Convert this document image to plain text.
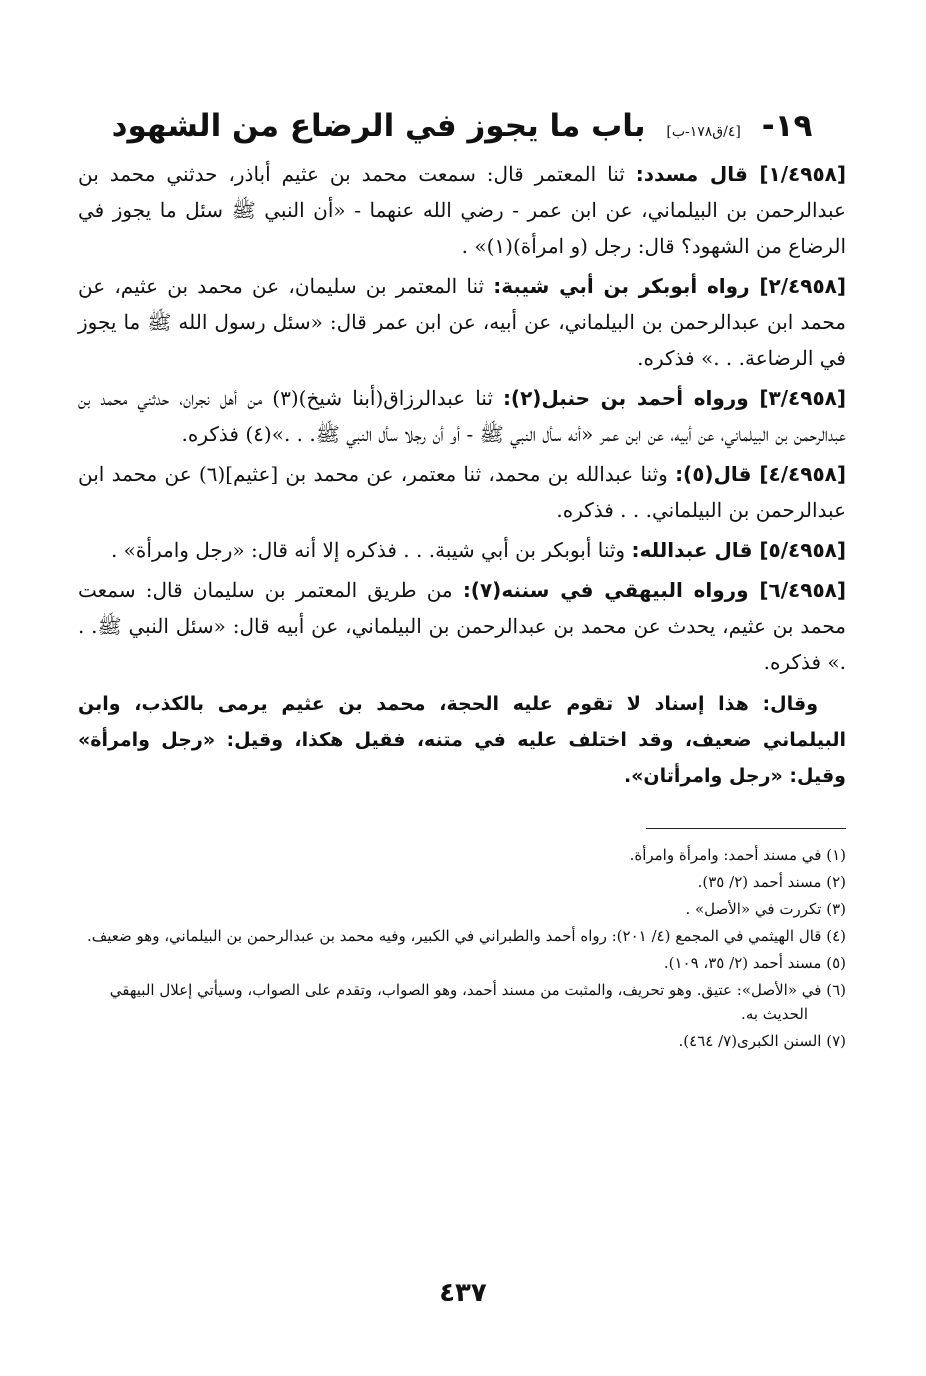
١٩- [٤/ق١٧٨-ب] باب ما يجوز في الرضاع من الشهود

[١/٤٩٥٨] قال مسدد: ثنا المعتمر قال: سمعت محمد بن عثيم أباذر، حدثني محمد بن عبدالرحمن بن البيلماني، عن ابن عمر - رضي الله عنهما - «أن النبي ﷺ سئل ما يجوز في الرضاع من الشهود؟ قال: رجل (و امرأة)(١)» .

[٢/٤٩٥٨] رواه أبوبكر بن أبي شيبة: ثنا المعتمر بن سليمان، عن محمد بن عثيم، عن محمد ابن عبدالرحمن بن البيلماني، عن أبيه، عن ابن عمر قال: «سئل رسول الله ﷺ ما يجوز في الرضاعة. . .» فذكره.

[٣/٤٩٥٨] ورواه أحمد بن حنبل(٢): ثنا عبدالرزاق(أبنا شيخ)(٣) من أهل نجران، حدثني محمد بن عبدالرحمن بن البيلماني، عن أبيه، عن ابن عمر «أنه سأل النبي ﷺ - أو أن رجلا سأل النبي ﷺ. . .»(٤) فذكره.

[٤/٤٩٥٨] قال(٥): وثنا عبدالله بن محمد، ثنا معتمر، عن محمد بن [عثيم](٦) عن محمد ابن عبدالرحمن بن البيلماني. . . فذكره.

[٥/٤٩٥٨] قال عبدالله: وثنا أبوبكر بن أبي شيبة. . . فذكره إلا أنه قال: «رجل وامرأة» .

[٦/٤٩٥٨] ورواه البيهقي في سننه(٧): من طريق المعتمر بن سليمان قال: سمعت محمد بن عثيم، يحدث عن محمد بن عبدالرحمن بن البيلماني، عن أبيه قال: «سئل النبي ﷺ. . .» فذكره.

وقال: هذا إسناد لا تقوم عليه الحجة، محمد بن عثيم يرمى بالكذب، وابن البيلماني ضعيف، وقد اختلف عليه في متنه، فقيل هكذا، وقيل: «رجل وامرأة» وقيل: «رجل وامرأتان».

(١) في مسند أحمد: وامرأة وامرأة.
(٢) مسند أحمد (٢/ ٣٥).
(٣) تكررت في «الأصل» .
(٤) قال الهيثمي في المجمع (٤/ ٢٠١): رواه أحمد والطبراني في الكبير، وفيه محمد بن عبدالرحمن بن البيلماني، وهو ضعيف.
(٥) مسند أحمد (٢/ ٣٥، ١٠٩).
(٦) في «الأصل»: عتيق. وهو تحريف، والمثبت من مسند أحمد، وهو الصواب، وتقدم على الصواب، وسيأتي إعلال البيهقي الحديث به.
(٧) السنن الكبرى(٧/ ٤٦٤).
٤٣٧
